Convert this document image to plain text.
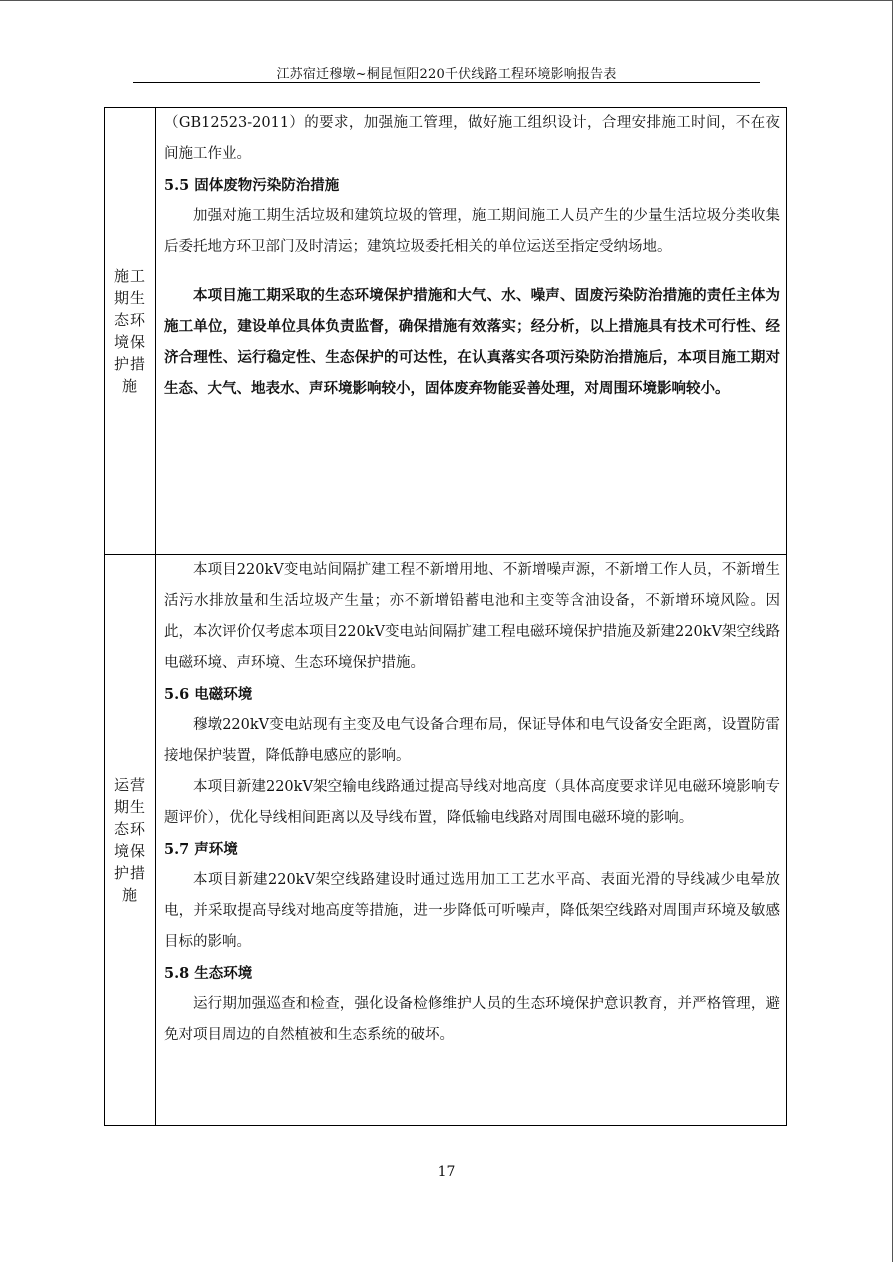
江苏宿迁穆墩~桐昆恒阳220千伏线路工程环境影响报告表
施工期生态环境保护措施

（GB12523-2011）的要求，加强施工管理，做好施工组织设计，合理安排施工时间，不在夜间施工作业。

5.5 固体废物污染防治措施

加强对施工期生活垃圾和建筑垃圾的管理，施工期间施工人员产生的少量生活垃圾分类收集后委托地方环卫部门及时清运；建筑垃圾委托相关的单位运送至指定受纳场地。

本项目施工期采取的生态环境保护措施和大气、水、噪声、固废污染防治措施的责任主体为施工单位，建设单位具体负责监督，确保措施有效落实；经分析，以上措施具有技术可行性、经济合理性、运行稳定性、生态保护的可达性，在认真落实各项污染防治措施后，本项目施工期对生态、大气、地表水、声环境影响较小，固体废弃物能妥善处理，对周围环境影响较小。

运营期生态环境保护措施

本项目220kV变电站间隔扩建工程不新增用地、不新增噪声源，不新增工作人员，不新增生活污水排放量和生活垃圾产生量；亦不新增铅蓄电池和主变等含油设备，不新增环境风险。因此，本次评价仅考虑本项目220kV变电站间隔扩建工程电磁环境保护措施及新建220kV架空线路电磁环境、声环境、生态环境保护措施。

5.6 电磁环境

穆墩220kV变电站现有主变及电气设备合理布局，保证导体和电气设备安全距离，设置防雷接地保护装置，降低静电感应的影响。

本项目新建220kV架空输电线路通过提高导线对地高度（具体高度要求详见电磁环境影响专题评价），优化导线相间距离以及导线布置，降低输电线路对周围电磁环境的影响。

5.7 声环境

本项目新建220kV架空线路建设时通过选用加工工艺水平高、表面光滑的导线减少电晕放电，并采取提高导线对地高度等措施，进一步降低可听噪声，降低架空线路对周围声环境及敏感目标的影响。

5.8 生态环境

运行期加强巡查和检查，强化设备检修维护人员的生态环境保护意识教育，并严格管理，避免对项目周边的自然植被和生态系统的破坏。

17
